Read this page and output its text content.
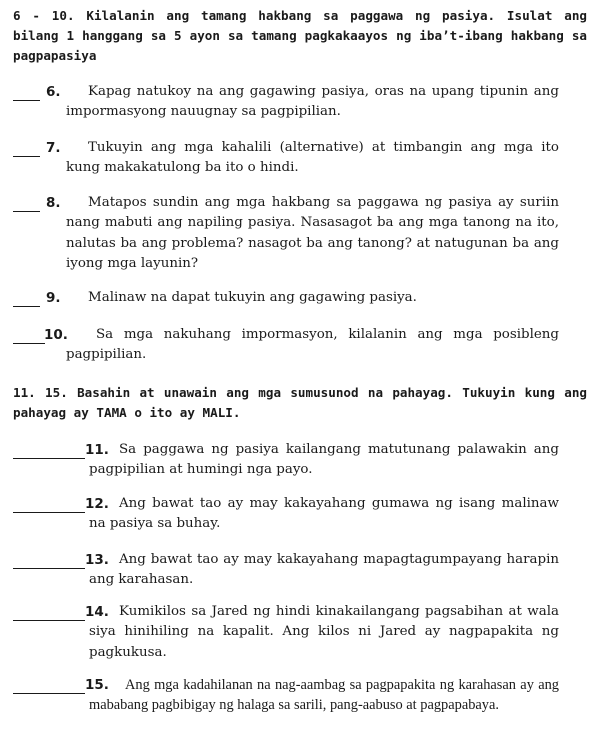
6 - 10. Kilalanin ang tamang hakbang sa paggawa ng pasiya. Isulat ang bilang 1 hanggang sa 5 ayon sa tamang pagkakaayos ng iba’t-ibang hakbang sa pagpapasiya
6.	Kapag natukoy na ang gagawing pasiya, oras na upang tipunin ang impormasyong nauugnay sa pagpipilian.
7.	Tukuyin ang mga kahalili (alternative) at timbangin ang mga ito kung makakatulong ba ito o hindi.
8.	Matapos sundin ang mga hakbang sa paggawa ng pasiya ay suriin nang mabuti ang napiling pasiya. Nasasagot ba ang mga tanong na ito, nalutas ba ang problema? nasagot ba ang tanong? at natugunan ba ang iyong mga layunin?
9.	Malinaw na dapat tukuyin ang gagawing pasiya.
10.	Sa mga nakuhang impormasyon, kilalanin ang mga posibleng pagpipilian.
11. 15. Basahin at unawain ang mga sumusunod na pahayag. Tukuyin kung ang pahayag ay TAMA o ito ay MALI.
11. Sa paggawa ng pasiya kailangang matutunang palawakin ang pagpipilian at humingi nga payo.
12. Ang bawat tao ay may kakayahang gumawa ng isang malinaw na pasiya sa buhay.
13. Ang bawat tao ay may kakayahang mapagtagumpayang harapin ang karahasan.
14. Kumikilos sa Jared ng hindi kinakailangang pagsabihan at wala siya hinihiling na kapalit. Ang kilos ni Jared ay nagpapakita ng pagkukusa.
15.	Ang mga kadahilanan na nag-aambag sa pagpapakita ng karahasan ay ang mababang pagbibigay ng halaga sa sarili, pang-aabuso at pagpapabaya.
